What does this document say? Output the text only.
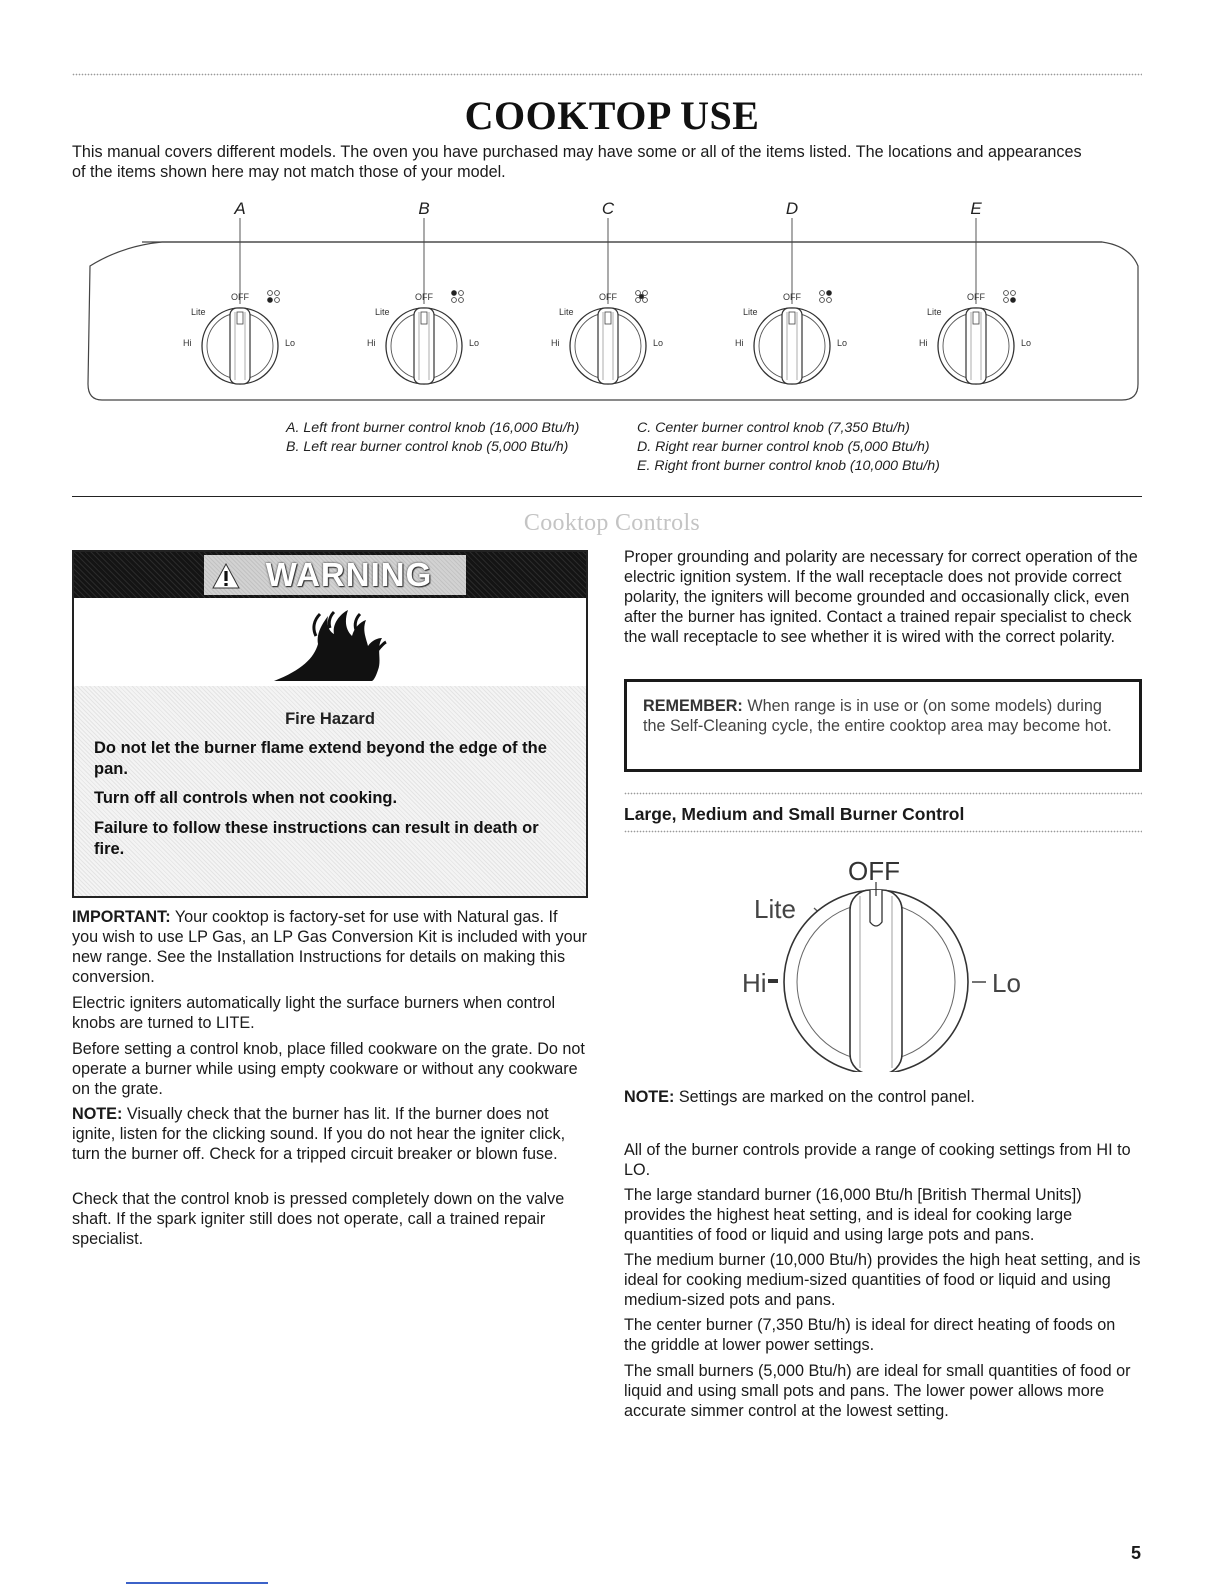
COOKTOP USE
This manual covers different models. The oven you have purchased may have some or all of the items listed. The locations and appearances of the items shown here may not match those of your model.
A
OFF
Lite
Hi	Lo
B
OFF
Lite
Hi	Lo
C
OFF
Lite
Hi	Lo
D
OFF
Lite
Hi	Lo
E
OFF
Lite
Hi	Lo
A. Left front burner control knob (16,000 Btu/h)
B. Left rear burner control knob (5,000 Btu/h)
C. Center burner control knob (7,350 Btu/h)
D. Right rear burner control knob (5,000 Btu/h)
E. Right front burner control knob (10,000 Btu/h)
Cooktop Controls
WARNING
Fire Hazard
Do not let the burner flame extend beyond the edge of the pan.
Turn off all controls when not cooking.
Failure to follow these instructions can result in death or fire.
IMPORTANT: Your cooktop is factory-set for use with Natural gas. If you wish to use LP Gas, an LP Gas Conversion Kit is included with your new range. See the Installation Instructions for details on making this conversion.
Electric igniters automatically light the surface burners when control knobs are turned to LITE.
Before setting a control knob, place filled cookware on the grate. Do not operate a burner while using empty cookware or without any cookware on the grate.
NOTE: Visually check that the burner has lit. If the burner does not ignite, listen for the clicking sound. If you do not hear the igniter click, turn the burner off. Check for a tripped circuit breaker or blown fuse.
Check that the control knob is pressed completely down on the valve shaft. If the spark igniter still does not operate, call a trained repair specialist.
Proper grounding and polarity are necessary for correct operation of the electric ignition system. If the wall receptacle does not provide correct polarity, the igniters will become grounded and occasionally click, even after the burner has ignited. Contact a trained repair specialist to check the wall receptacle to see whether it is wired with the correct polarity.
REMEMBER: When range is in use or (on some models) during the Self-Cleaning cycle, the entire cooktop area may become hot.
Large, Medium and Small Burner Control
OFF
Lite
Hi	Lo
NOTE: Settings are marked on the control panel.
All of the burner controls provide a range of cooking settings from HI to LO.
The large standard burner (16,000 Btu/h [British Thermal Units]) provides the highest heat setting, and is ideal for cooking large quantities of food or liquid and using large pots and pans.
The medium burner (10,000 Btu/h) provides the high heat setting, and is ideal for cooking medium-sized quantities of food or liquid and using medium-sized pots and pans.
The center burner (7,350 Btu/h) is ideal for direct heating of foods on the griddle at lower power settings.
The small burners (5,000 Btu/h) are ideal for small quantities of food or liquid and using small pots and pans. The lower power allows more accurate simmer control at the lowest setting.
5
